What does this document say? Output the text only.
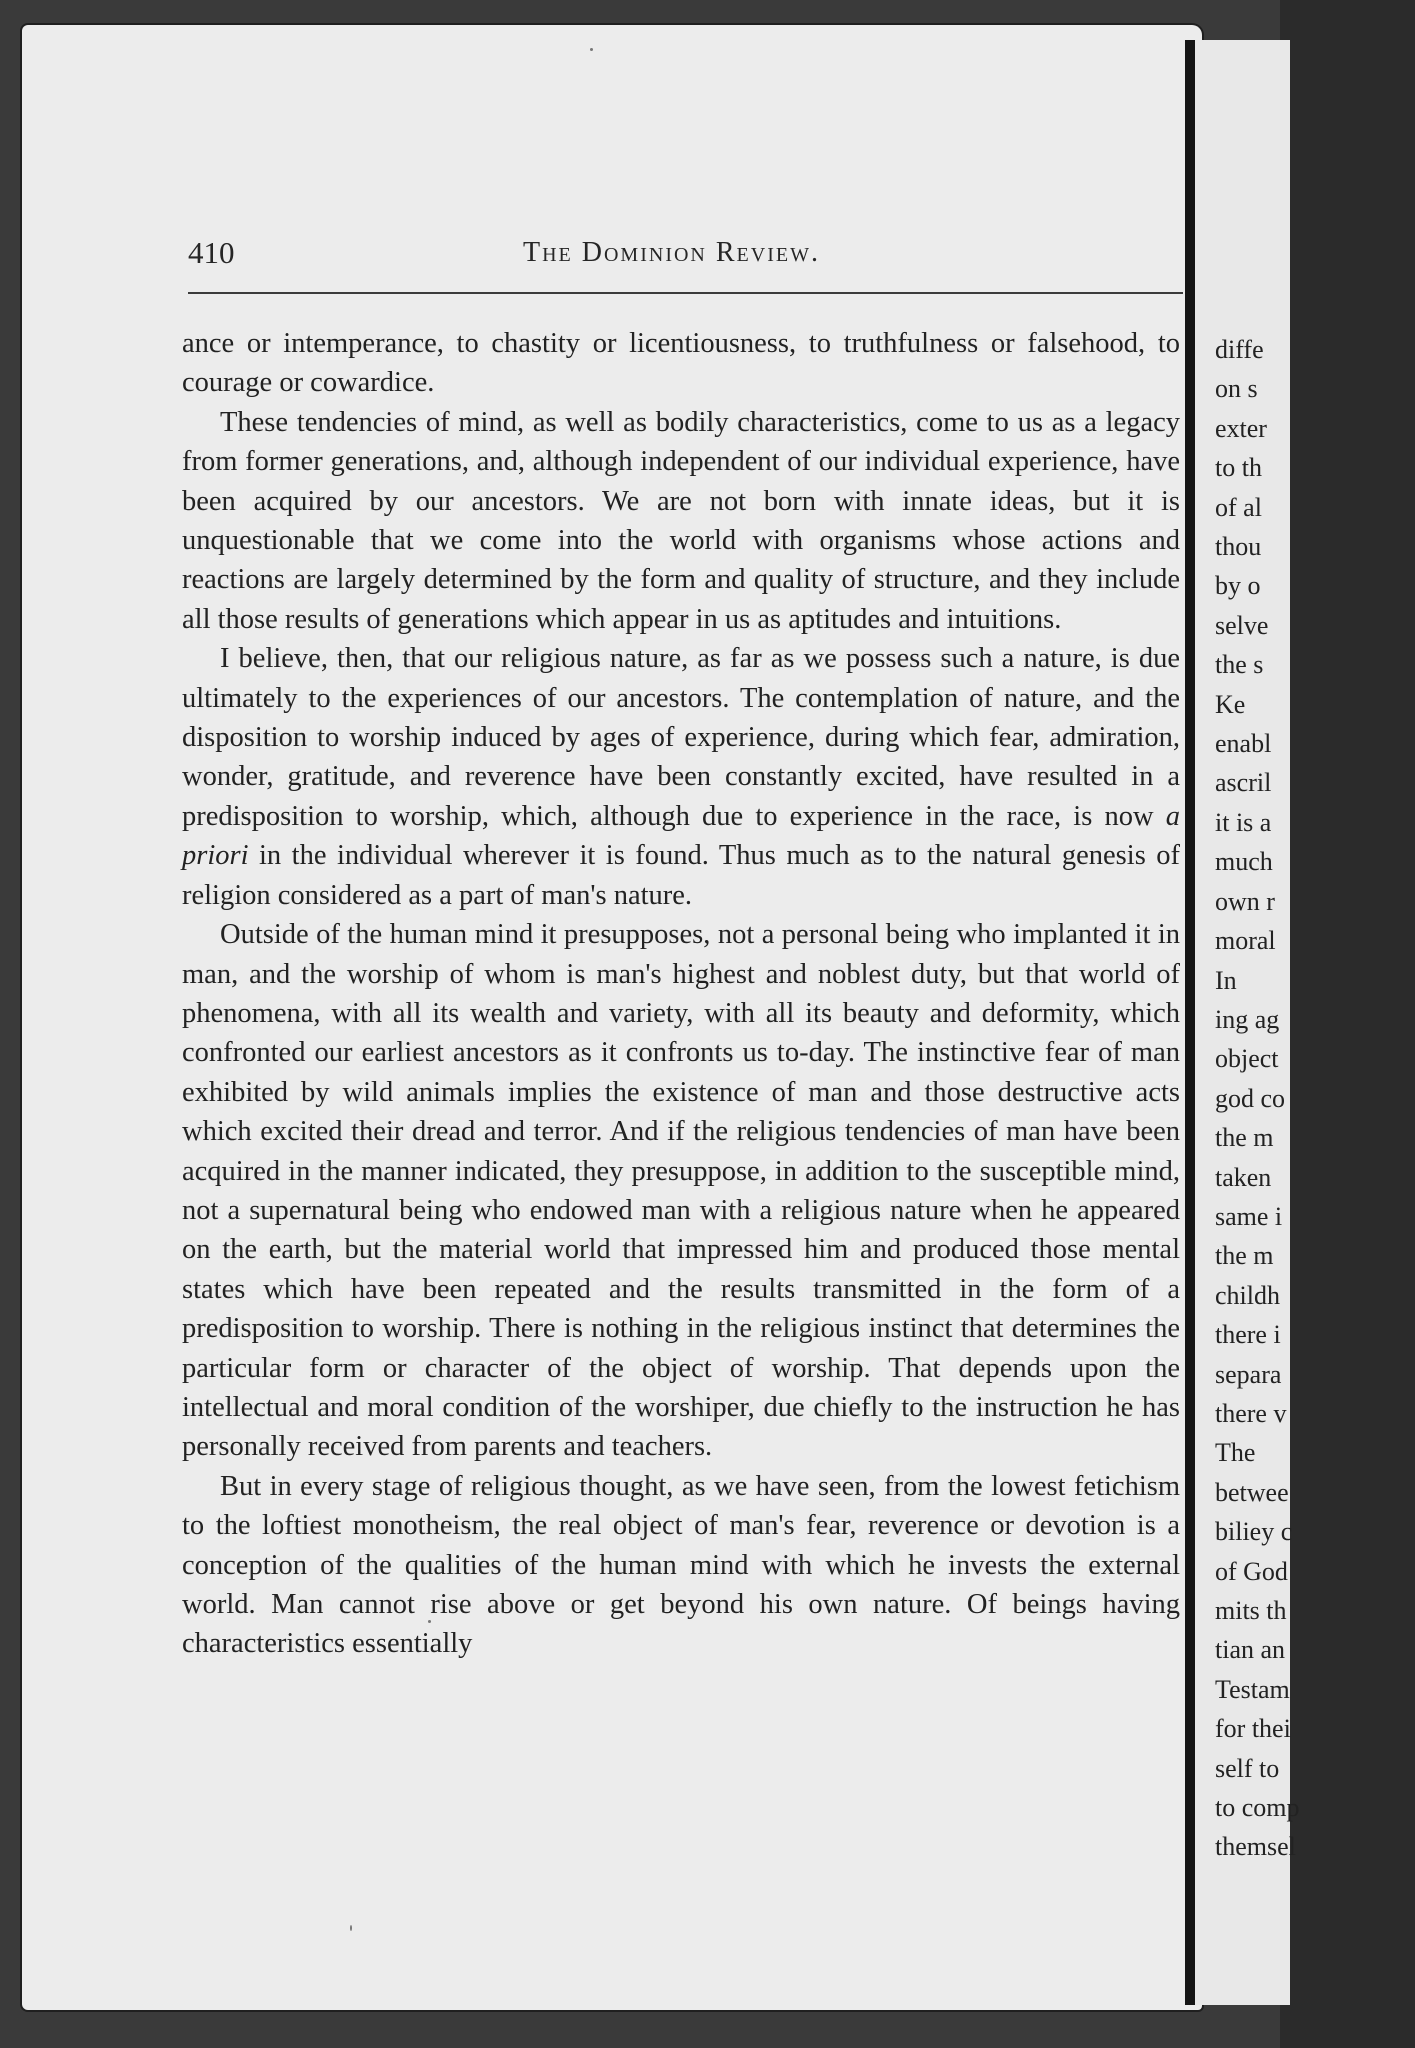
410	The Dominion Review.

ance or intemperance, to chastity or licentiousness, to truthfulness or falsehood, to courage or cowardice.

These tendencies of mind, as well as bodily characteristics, come to us as a legacy from former generations, and, although independent of our individual experience, have been acquired by our ancestors. We are not born with innate ideas, but it is unquestionable that we come into the world with organisms whose actions and reactions are largely determined by the form and quality of structure, and they include all those results of generations which appear in us as aptitudes and intuitions.

I believe, then, that our religious nature, as far as we possess such a nature, is due ultimately to the experiences of our ancestors. The contemplation of nature, and the disposition to worship induced by ages of experience, during which fear, admiration, wonder, gratitude, and reverence have been constantly excited, have resulted in a predisposition to worship, which, although due to experience in the race, is now a priori in the individual wherever it is found. Thus much as to the natural genesis of religion considered as a part of man's nature.

Outside of the human mind it presupposes, not a personal being who implanted it in man, and the worship of whom is man's highest and noblest duty, but that world of phenomena, with all its wealth and variety, with all its beauty and deformity, which confronted our earliest ancestors as it confronts us to-day. The instinctive fear of man exhibited by wild animals implies the existence of man and those destructive acts which excited their dread and terror. And if the religious tendencies of man have been acquired in the manner indicated, they presuppose, in addition to the susceptible mind, not a supernatural being who endowed man with a religious nature when he appeared on the earth, but the material world that impressed him and produced those mental states which have been repeated and the results transmitted in the form of a predisposition to worship. There is nothing in the religious instinct that determines the particular form or character of the object of worship. That depends upon the intellectual and moral condition of the worshiper, due chiefly to the instruction he has personally received from parents and teachers.

But in every stage of religious thought, as we have seen, from the lowest fetichism to the loftiest monotheism, the real object of man's fear, reverence or devotion is a conception of the qualities of the human mind with which he invests the external world. Man cannot rise above or get beyond his own nature. Of beings having characteristics essentially

diffe
on s
exter
to th
of al
thou
by o
selve
the s
Ke
enabl
ascril
it is a
much
own r
moral
In
ing ag
object
god co
the m
taken
same i
the m
childh
there i
separa
there v
The
betwee
biliey c
of God
mits th
tian an
Testam
for thei
self to
to comp
themsel
